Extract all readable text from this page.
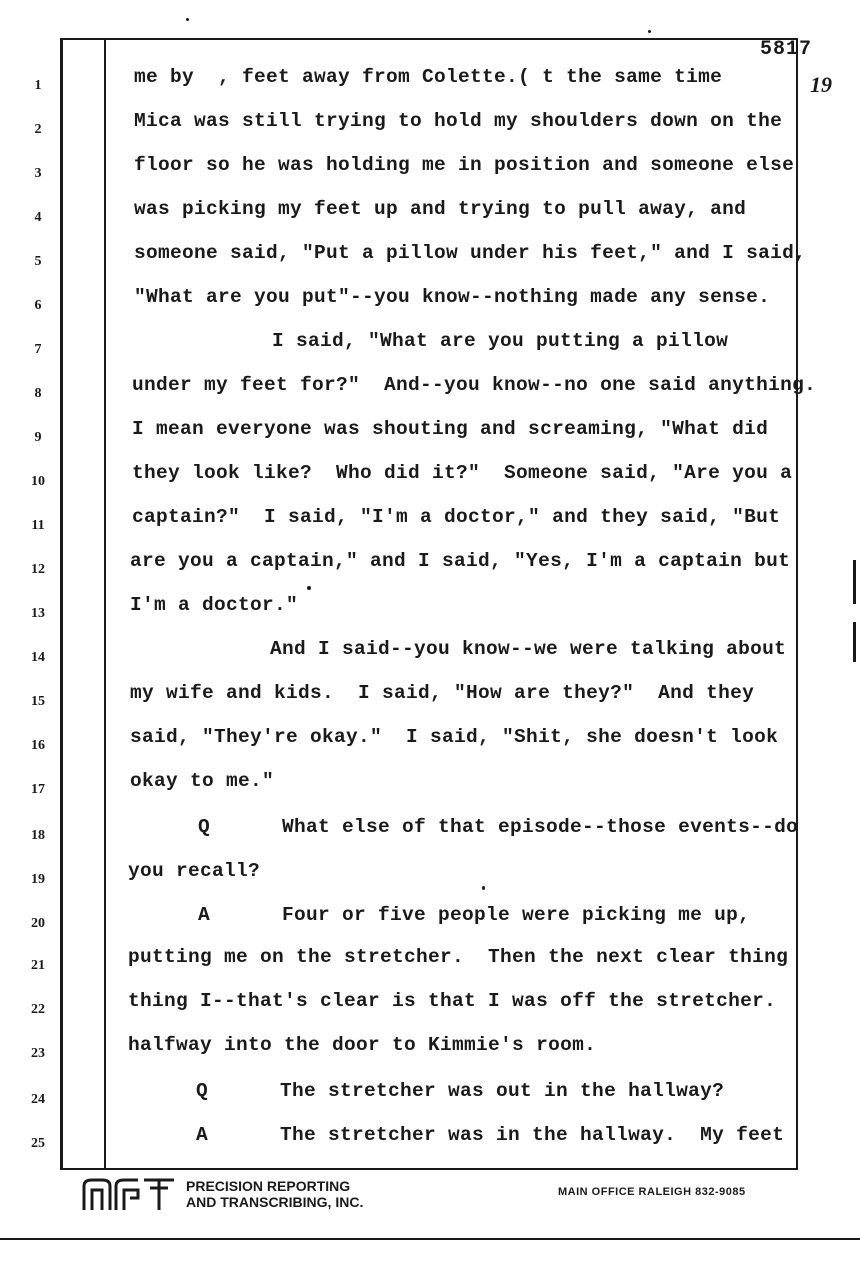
5817
19
1	me by  , feet away from Colette.( t the same time
2	Mica was still trying to hold my shoulders down on the
3	floor so he was holding me in position and someone else
4	was picking my feet up and trying to pull away, and
5	someone said, "Put a pillow under his feet," and I said,
6	"What are you put"--you know--nothing made any sense.
7	I said, "What are you putting a pillow
8	under my feet for?"  And--you know--no one said anything.
9	I mean everyone was shouting and screaming, "What did
10	they look like?  Who did it?"  Someone said, "Are you a
11	captain?"  I said, "I'm a doctor," and they said, "But
12	are you a captain," and I said, "Yes, I'm a captain but
13	I'm a doctor."
14	And I said--you know--we were talking about
15	my wife and kids.  I said, "How are they?"  And they
16	said, "They're okay."  I said, "Shit, she doesn't look
17	okay to me."
18	Q      What else of that episode--those events--do
19	you recall?
20	A      Four or five people were picking me up,
21	putting me on the stretcher.  Then the next clear thing
22	thing I--that's clear is that I was off the stretcher.
23	halfway into the door to Kimmie's room.
24	Q      The stretcher was out in the hallway?
25	A      The stretcher was in the hallway.  My feet
PRECISION REPORTING
AND TRANSCRIBING, INC.
MAIN OFFICE RALEIGH 832-9085
